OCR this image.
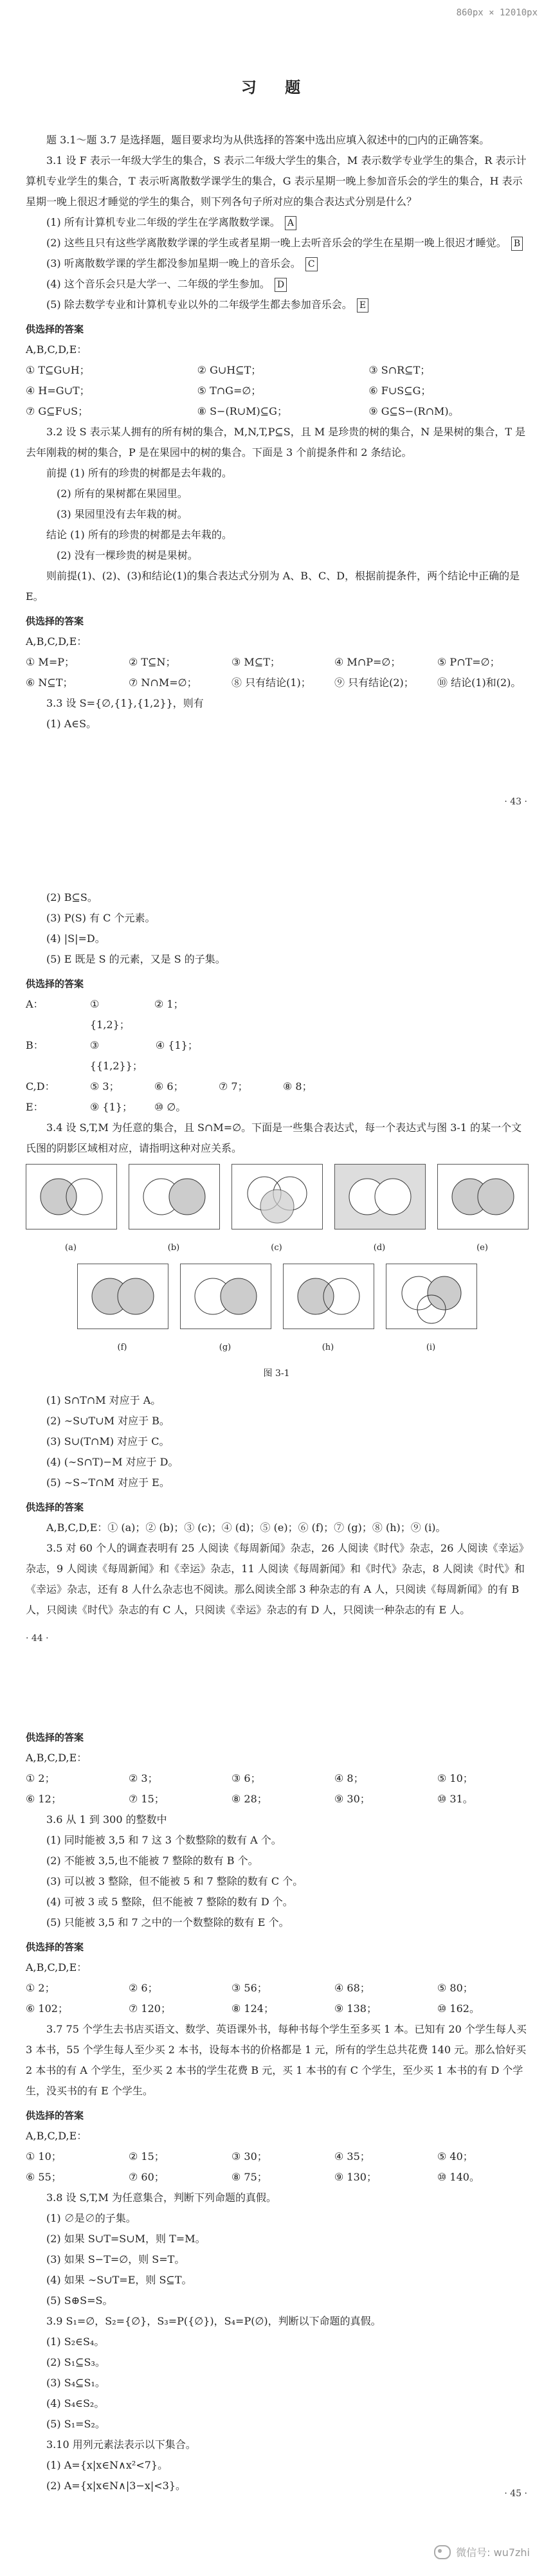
860px × 12010px
习 题

题 3.1～题 3.7 是选择题，题目要求均为从供选择的答案中选出应填入叙述中的□内的正确答案。

3.1 设 F 表示一年级大学生的集合，S 表示二年级大学生的集合，M 表示数学专业学生的集合，R 表示计算机专业学生的集合，T 表示听离散数学课学生的集合，G 表示星期一晚上参加音乐会的学生的集合，H 表示星期一晚上很迟才睡觉的学生的集合，则下列各句子所对应的集合表达式分别是什么？

(1) 所有计算机专业二年级的学生在学离散数学课。 A

(2) 这些且只有这些学离散数学课的学生或者星期一晚上去听音乐会的学生在星期一晚上很迟才睡觉。 B

(3) 听离散数学课的学生都没参加星期一晚上的音乐会。 C

(4) 这个音乐会只是大学一、二年级的学生参加。 D

(5) 除去数学专业和计算机专业以外的二年级学生都去参加音乐会。 E

供选择的答案
A,B,C,D,E：
① T⊆G∪H；	② G∪H⊆T；	③ S∩R⊆T；
④ H=G∪T；	⑤ T∩G=∅；	⑥ F∪S⊆G；
⑦ G⊆F∪S；	⑧ S−(R∪M)⊆G；	⑨ G⊆S−(R∩M)。

3.2 设 S 表示某人拥有的所有树的集合，M,N,T,P⊆S，且 M 是珍贵的树的集合，N 是果树的集合，T 是去年刚栽的树的集合，P 是在果园中的树的集合。下面是 3 个前提条件和 2 条结论。

前提 (1) 所有的珍贵的树都是去年栽的。

(2) 所有的果树都在果园里。

(3) 果园里没有去年栽的树。

结论 (1) 所有的珍贵的树都是去年栽的。

(2) 没有一棵珍贵的树是果树。

则前提(1)、(2)、(3)和结论(1)的集合表达式分别为 A、B、C、D，根据前提条件，两个结论中正确的是 E。

供选择的答案
A,B,C,D,E：
① M=P；	② T⊆N；	③ M⊆T；	④ M∩P=∅；	⑤ P∩T=∅；
⑥ N⊆T；	⑦ N∩M=∅；	⑧ 只有结论(1)；	⑨ 只有结论(2)；	⑩ 结论(1)和(2)。

3.3 设 S={∅,{1},{1,2}}，则有

(1) A∈S。

· 43 ·

(2) B⊆S。

(3) P(S) 有 C 个元素。

(4) |S|=D。

(5) E 既是 S 的元素，又是 S 的子集。

供选择的答案
A：	① {1,2}；
② 1；
B：	③ {{1,2}}；
④ {1}；
C,D：	⑤ 3；	⑥ 6；	⑦ 7；	⑧ 8；
E：	⑨ {1}；	⑩ ∅。

3.4 设 S,T,M 为任意的集合，且 S∩M=∅。下面是一些集合表达式，每一个表达式与图 3-1 的某一个文氏图的阴影区域相对应，请指明这种对应关系。

(a)	(b)	(c)	(d)	(e)
(f)	(g)	(h)	(i)
图 3-1

(1) S∩T∩M 对应于 A。

(2) ∼S∪T∪M 对应于 B。

(3) S∪(T∩M) 对应于 C。

(4) (∼S∩T)−M 对应于 D。

(5) ∼S∼T∩M 对应于 E。

供选择的答案

A,B,C,D,E：① (a)；② (b)；③ (c)；④ (d)；⑤ (e)；⑥ (f)；⑦ (g)；⑧ (h)；⑨ (i)。

3.5 对 60 个人的调查表明有 25 人阅读《每周新闻》杂志，26 人阅读《时代》杂志，26 人阅读《幸运》杂志，9 人阅读《每周新闻》和《幸运》杂志，11 人阅读《每周新闻》和《时代》杂志，8 人阅读《时代》和《幸运》杂志，还有 8 人什么杂志也不阅读。那么阅读全部 3 种杂志的有 A 人，只阅读《每周新闻》的有 B 人，只阅读《时代》杂志的有 C 人，只阅读《幸运》杂志的有 D 人，只阅读一种杂志的有 E 人。

· 44 ·
供选择的答案
A,B,C,D,E：
① 2；	② 3；	③ 6；	④ 8；	⑤ 10；
⑥ 12；	⑦ 15；	⑧ 28；	⑨ 30；	⑩ 31。

3.6 从 1 到 300 的整数中

(1) 同时能被 3,5 和 7 这 3 个数整除的数有 A 个。

(2) 不能被 3,5,也不能被 7 整除的数有 B 个。

(3) 可以被 3 整除，但不能被 5 和 7 整除的数有 C 个。

(4) 可被 3 或 5 整除，但不能被 7 整除的数有 D 个。

(5) 只能被 3,5 和 7 之中的一个数整除的数有 E 个。

供选择的答案
A,B,C,D,E：
① 2；	② 6；	③ 56；	④ 68；	⑤ 80；
⑥ 102；	⑦ 120；	⑧ 124；	⑨ 138；	⑩ 162。

3.7 75 个学生去书店买语文、数学、英语课外书，每种书每个学生至多买 1 本。已知有 20 个学生每人买 3 本书，55 个学生每人至少买 2 本书，设每本书的价格都是 1 元，所有的学生总共花费 140 元。那么恰好买 2 本书的有 A 个学生，至少买 2 本书的学生花费 B 元，买 1 本书的有 C 个学生，至少买 1 本书的有 D 个学生，没买书的有 E 个学生。

供选择的答案
A,B,C,D,E：
① 10；	② 15；	③ 30；	④ 35；	⑤ 40；
⑥ 55；	⑦ 60；	⑧ 75；	⑨ 130；	⑩ 140。

3.8 设 S,T,M 为任意集合，判断下列命题的真假。

(1) ∅是∅的子集。

(2) 如果 S∪T=S∪M，则 T=M。

(3) 如果 S−T=∅，则 S=T。

(4) 如果 ∼S∪T=E，则 S⊆T。

(5) S⊕S=S。

3.9 S₁=∅，S₂={∅}，S₃=P({∅})，S₄=P(∅)，判断以下命题的真假。

(1) S₂∈S₄。

(2) S₁⊆S₃。

(3) S₄⊆S₁。

(4) S₄∈S₂。

(5) S₁=S₂。

3.10 用列元素法表示以下集合。

(1) A={x|x∈N∧x²<7}。

(2) A={x|x∈N∧|3−x|<3}。

· 45 ·
微信号: wu7zhi
